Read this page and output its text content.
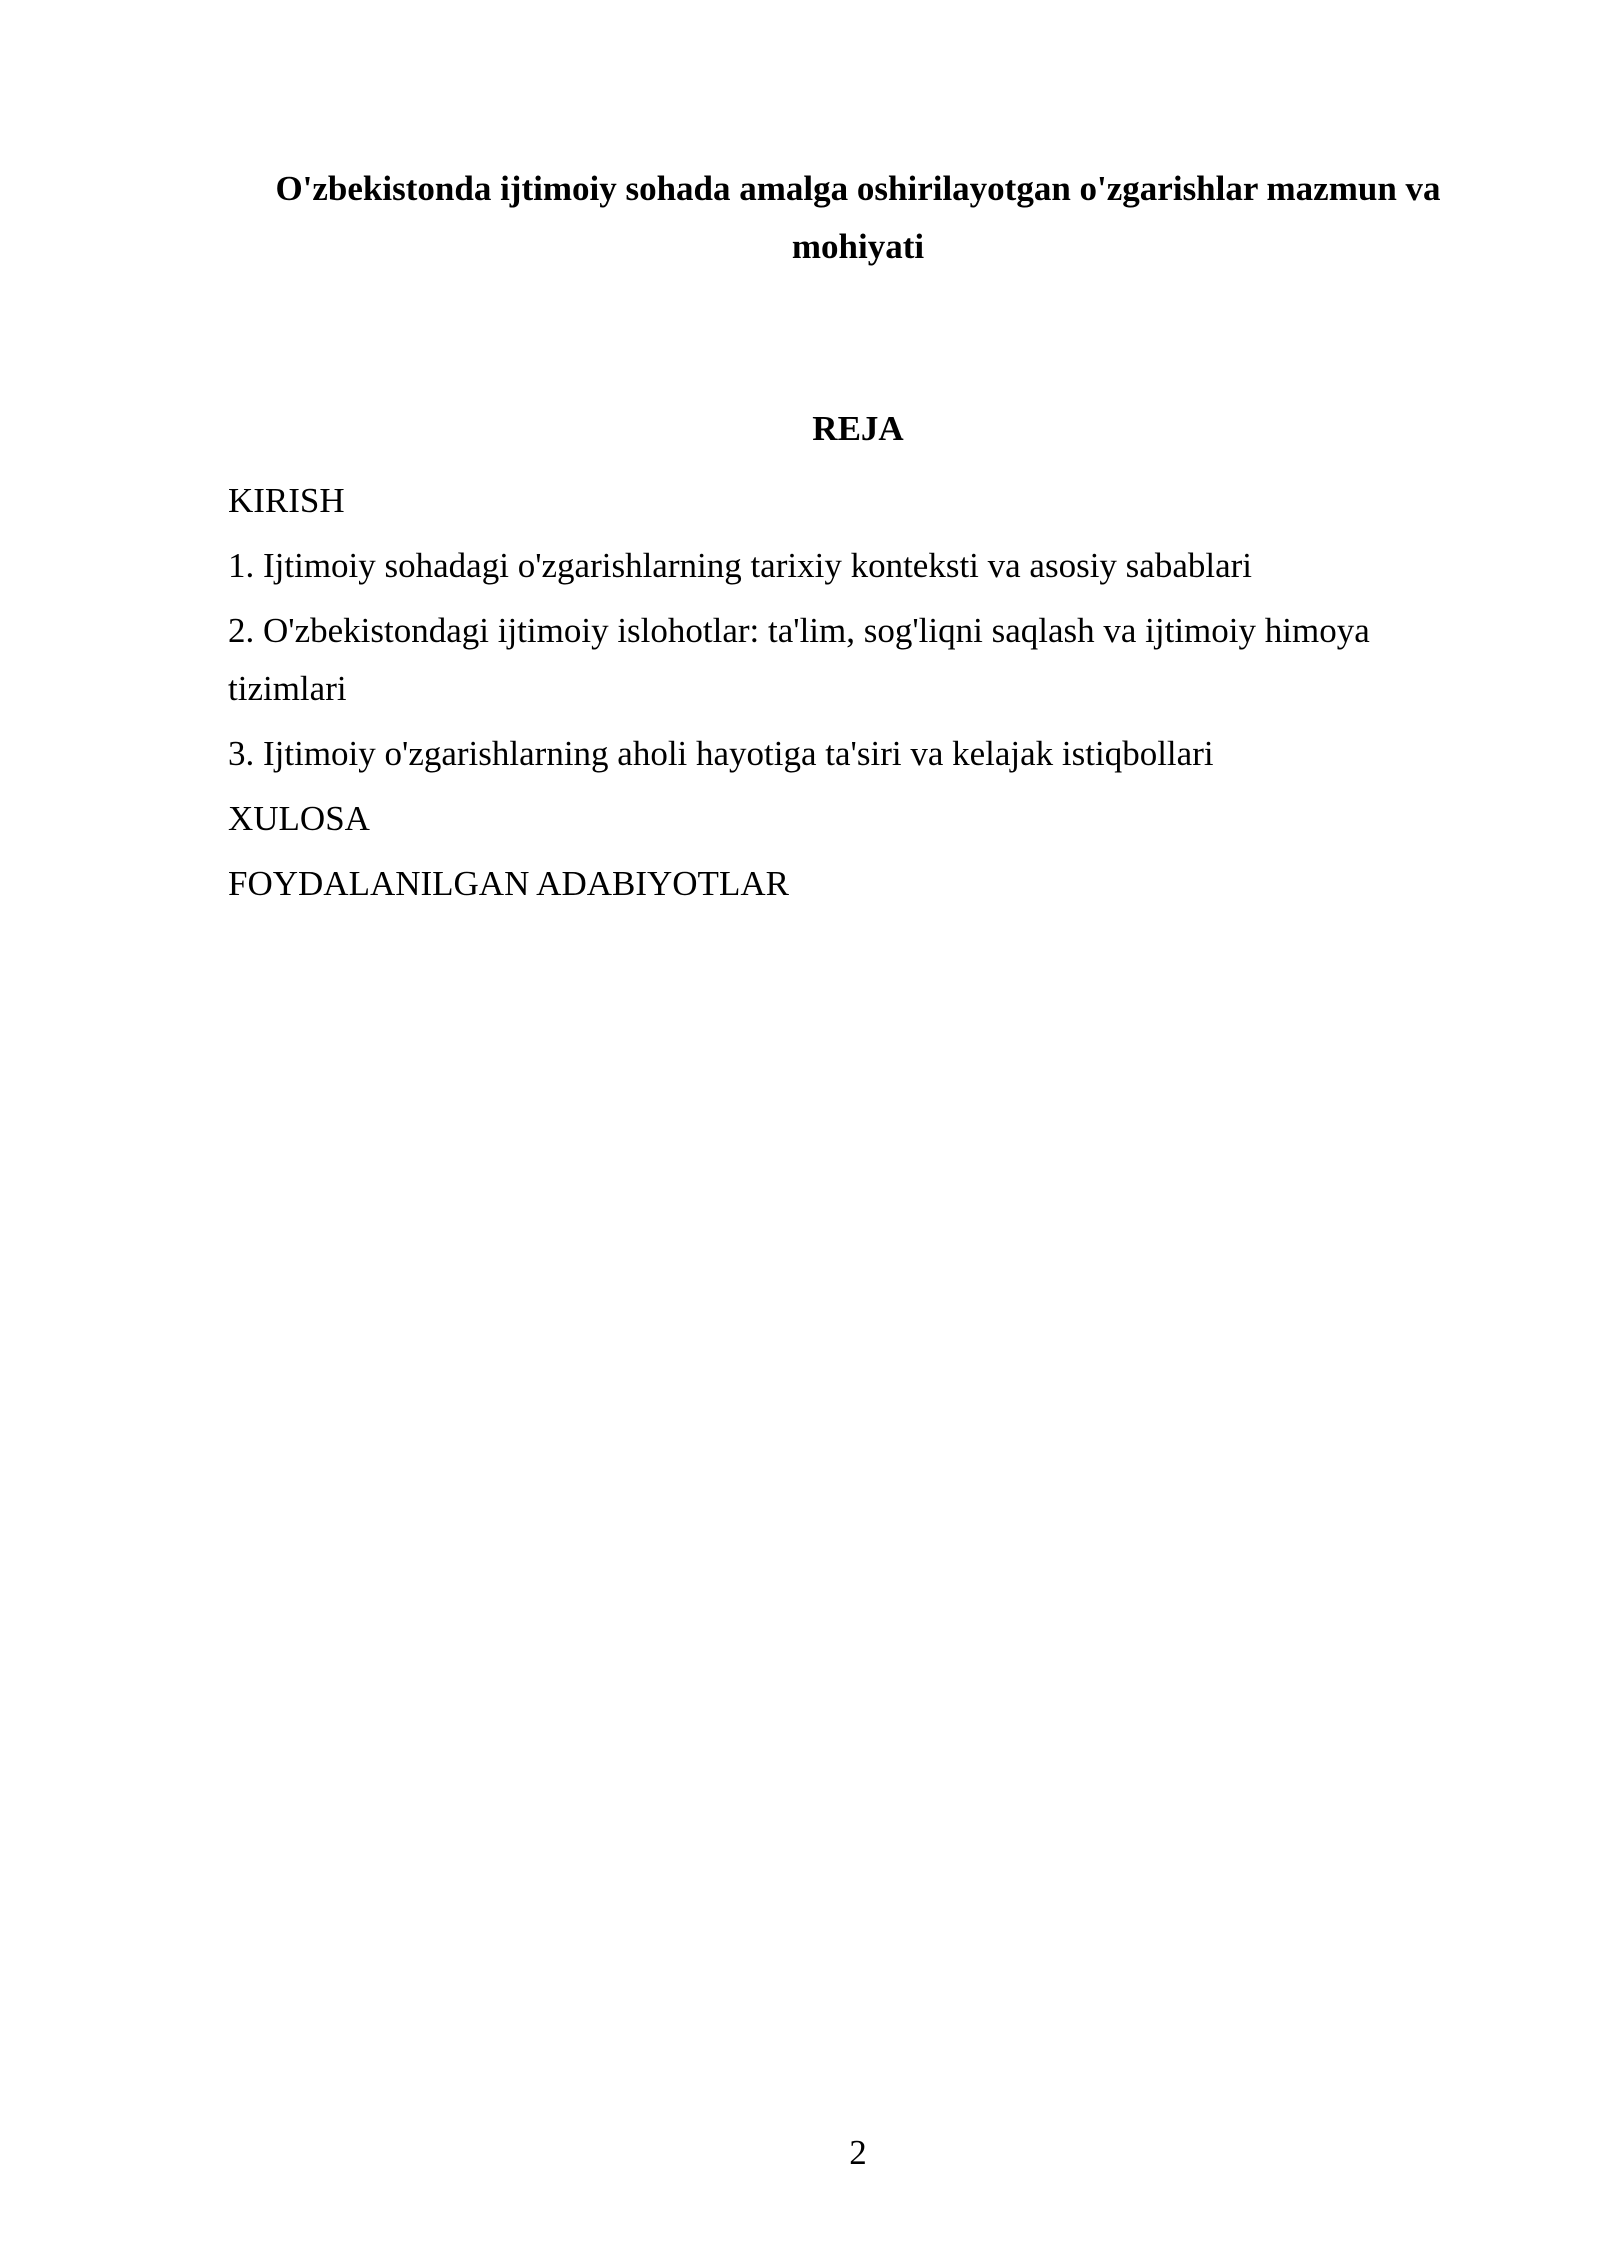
O'zbekistonda ijtimoiy sohada amalga oshirilayotgan o'zgarishlar mazmun va mohiyati
REJA
KIRISH
1. Ijtimoiy sohadagi o'zgarishlarning tarixiy konteksti va asosiy sabablari
2. O'zbekistondagi ijtimoiy islohotlar: ta'lim, sog'liqni saqlash va ijtimoiy himoya tizimlari
3. Ijtimoiy o'zgarishlarning aholi hayotiga ta'siri va kelajak istiqbollari
XULOSA
FOYDALANILGAN ADABIYOTLAR
2
